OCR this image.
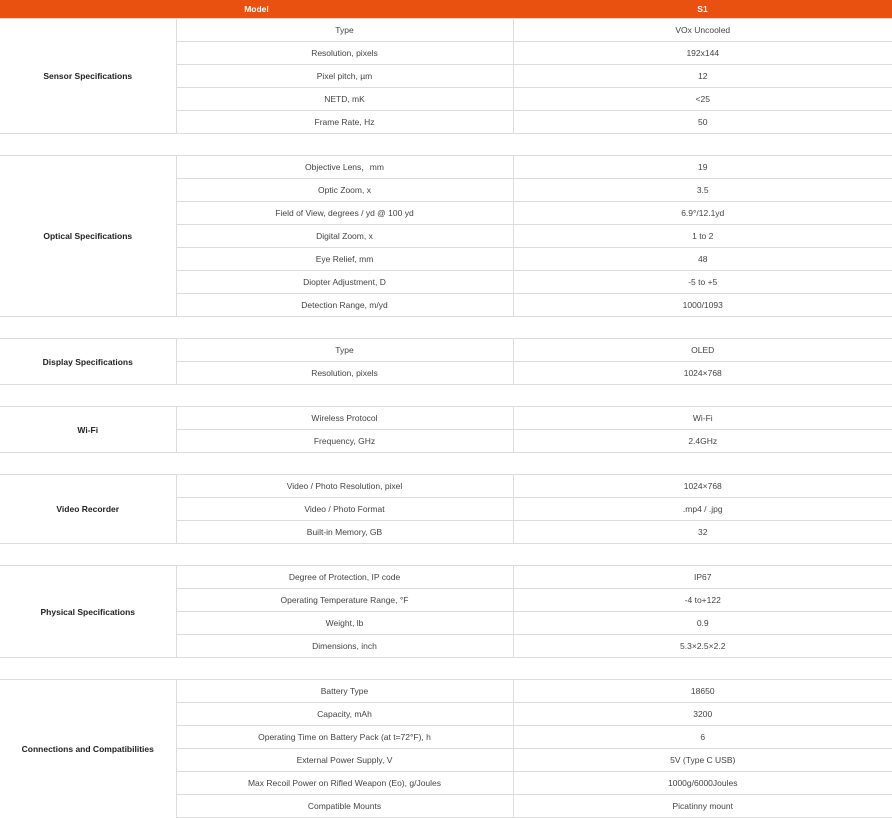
Model		S1
Sensor Specifications	Type	VOx Uncooled
	Resolution, pixels	192x144
	Pixel pitch, µm	12
	NETD, mK	<25
	Frame Rate, Hz	50

Optical Specifications	Objective Lens，mm	19
	Optic Zoom, x	3.5
	Field of View, degrees / yd @ 100 yd	6.9°/12.1yd
	Digital Zoom, x	1 to 2
	Eye Relief, mm	48
	Diopter Adjustment, D	-5 to +5
	Detection Range, m/yd	1000/1093

Display Specifications	Type	OLED
	Resolution, pixels	1024×768

Wi-Fi	Wireless Protocol	Wi-Fi
	Frequency, GHz	2.4GHz

Video Recorder	Video / Photo Resolution, pixel	1024×768
	Video / Photo Format	.mp4 / .jpg
	Built-in Memory, GB	32

Physical Specifications	Degree of Protection, IP code	IP67
	Operating Temperature Range, °F	-4 to+122
	Weight, lb	0.9
	Dimensions, inch	5.3×2.5×2.2

Connections and Compatibilities	Battery Type	18650
	Capacity, mAh	3200
	Operating Time on Battery Pack (at t=72°F), h	6
	External Power Supply, V	5V (Type C USB)
	Max Recoil Power on Rifled Weapon (Eo), g/Joules	1000g/6000Joules
	Compatible Mounts	Picatinny mount
